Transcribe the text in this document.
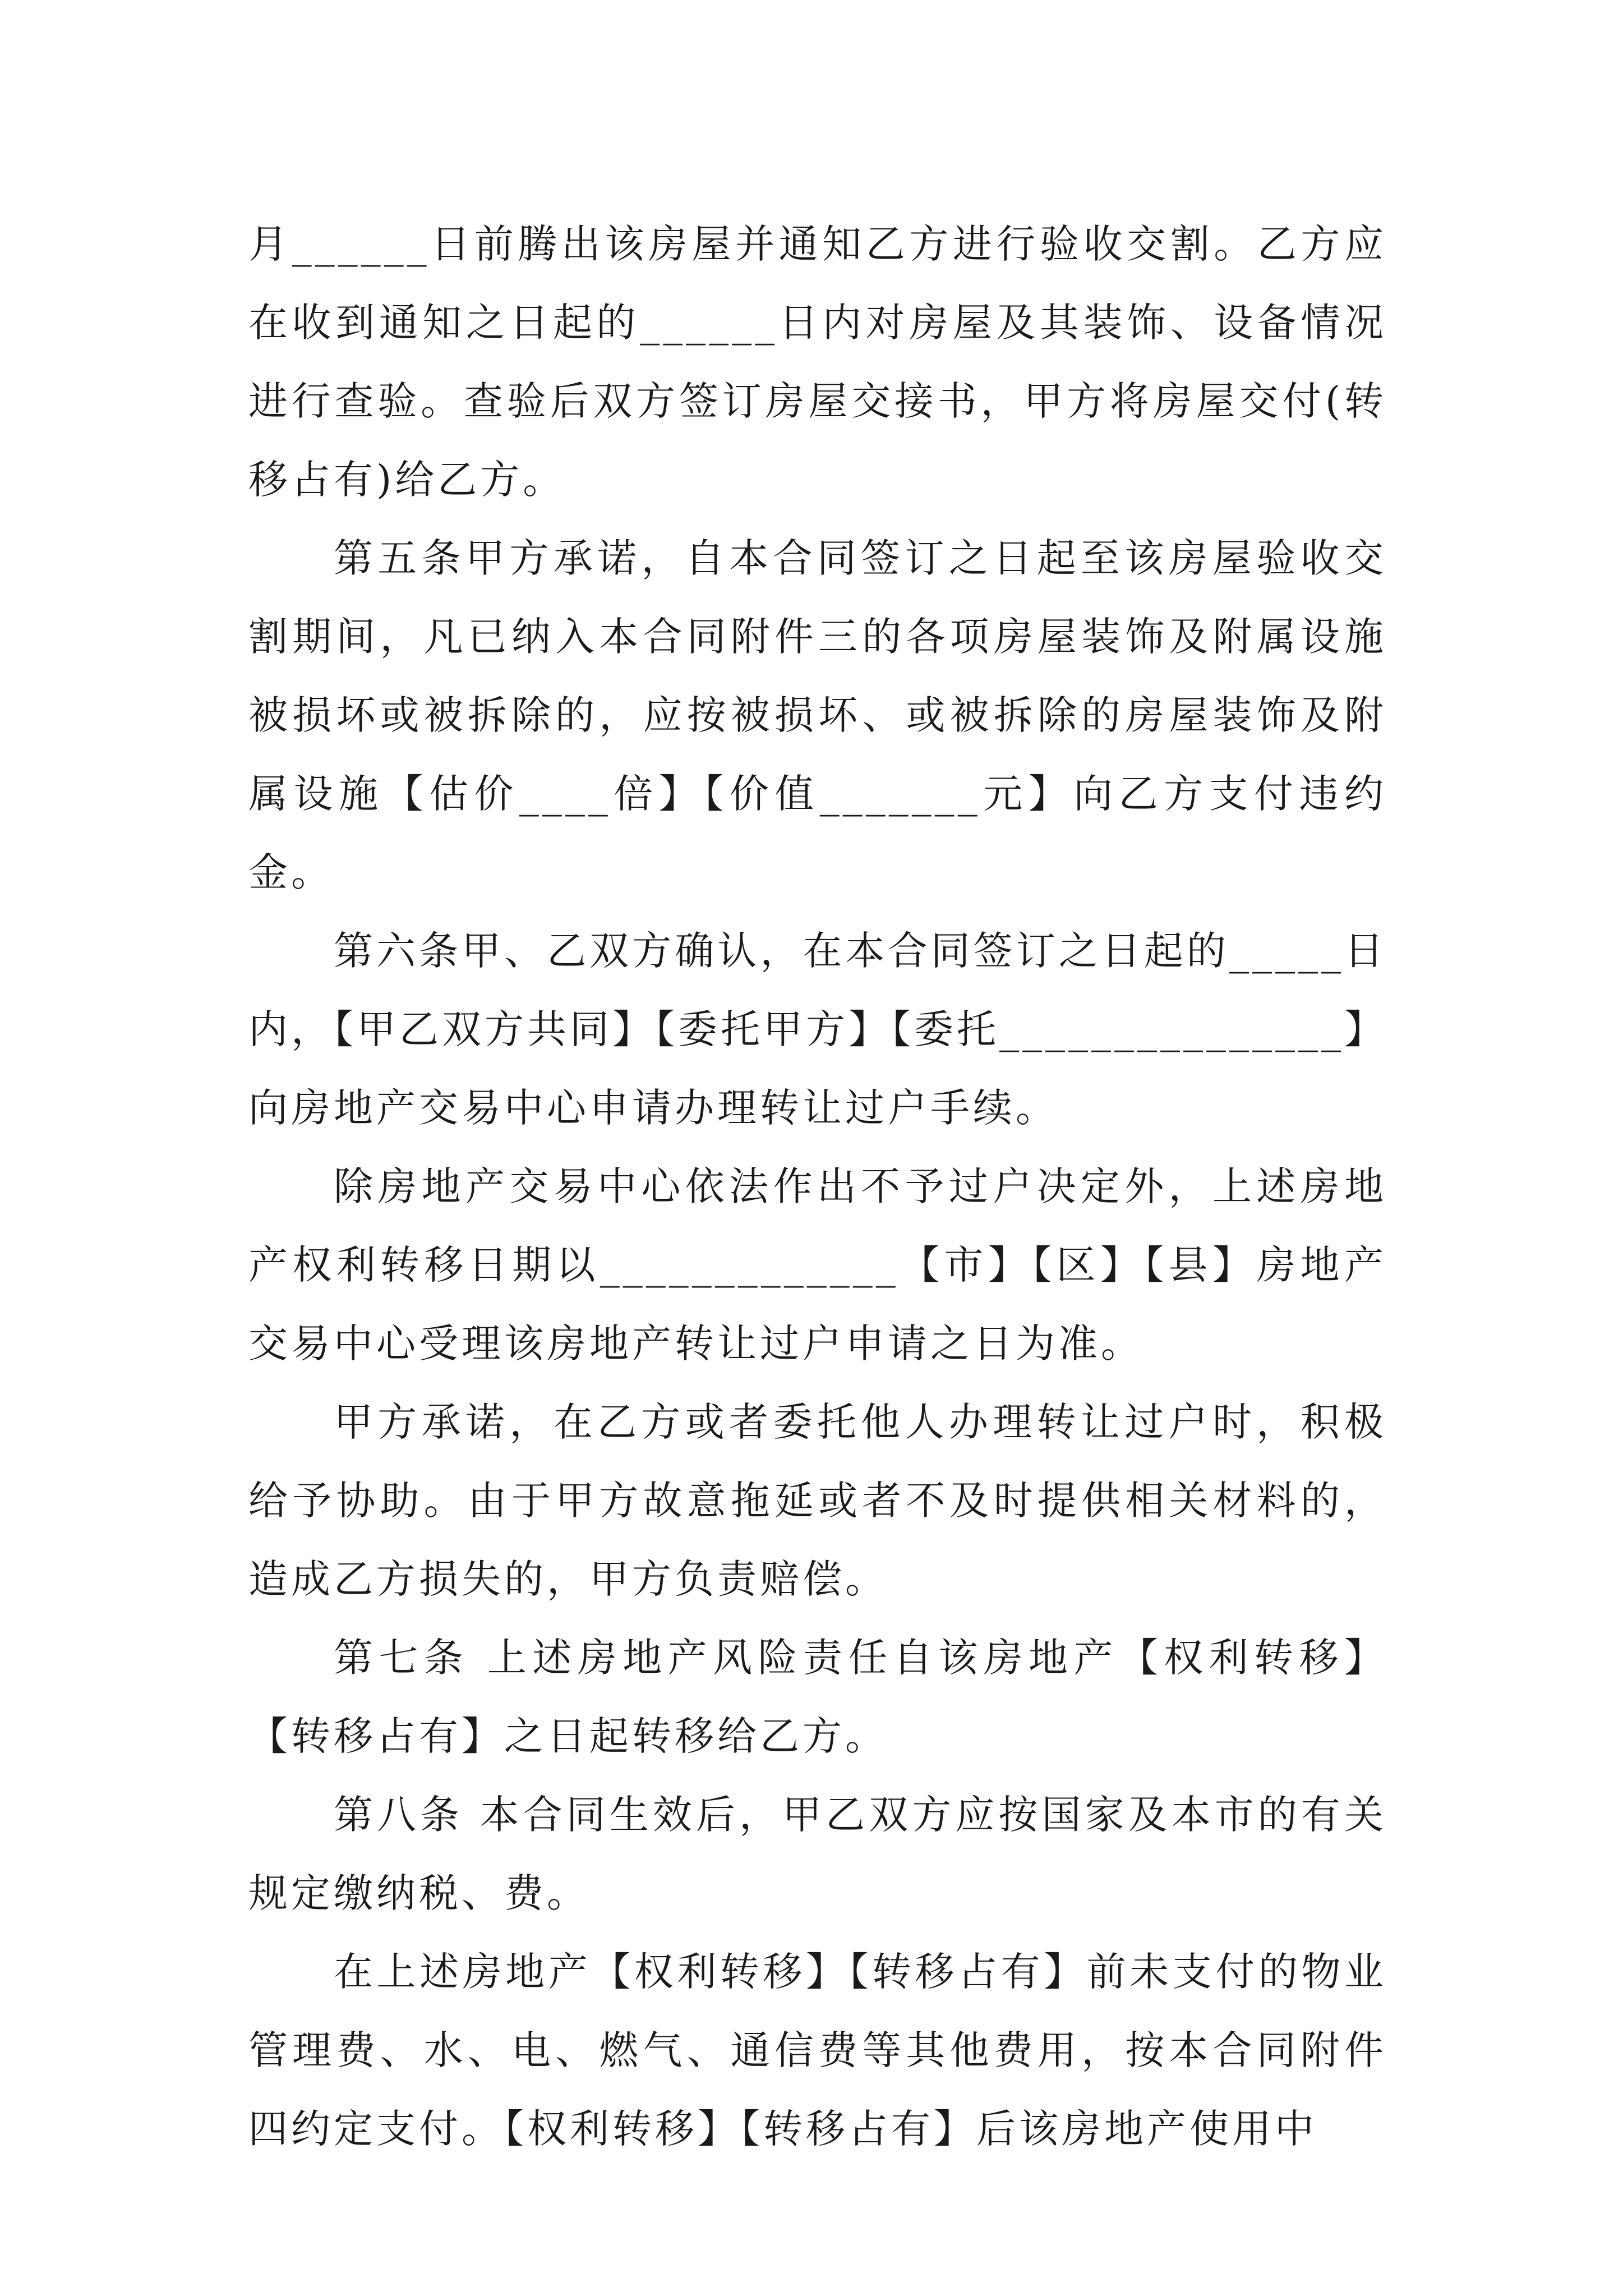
月______日前腾出该房屋并通知乙方进行验收交割。乙方应在收到通知之日起的______日内对房屋及其装饰、设备情况进行查验。查验后双方签订房屋交接书，甲方将房屋交付(转移占有)给乙方。

第五条甲方承诺，自本合同签订之日起至该房屋验收交割期间，凡已纳入本合同附件三的各项房屋装饰及附属设施被损坏或被拆除的，应按被损坏、或被拆除的房屋装饰及附属设施【估价____倍】【价值_______元】向乙方支付违约金。

第六条甲、乙双方确认，在本合同签订之日起的_____日内，【甲乙双方共同】【委托甲方】【委托_______________】向房地产交易中心申请办理转让过户手续。

除房地产交易中心依法作出不予过户决定外，上述房地产权利转移日期以_____________【市】【区】【县】房地产交易中心受理该房地产转让过户申请之日为准。

甲方承诺，在乙方或者委托他人办理转让过户时，积极给予协助。由于甲方故意拖延或者不及时提供相关材料的，造成乙方损失的，甲方负责赔偿。

第七条 上述房地产风险责任自该房地产【权利转移】【转移占有】之日起转移给乙方。

第八条 本合同生效后，甲乙双方应按国家及本市的有关规定缴纳税、费。

在上述房地产【权利转移】【转移占有】前未支付的物业管理费、水、电、燃气、通信费等其他费用，按本合同附件四约定支付。【权利转移】【转移占有】后该房地产使用中
